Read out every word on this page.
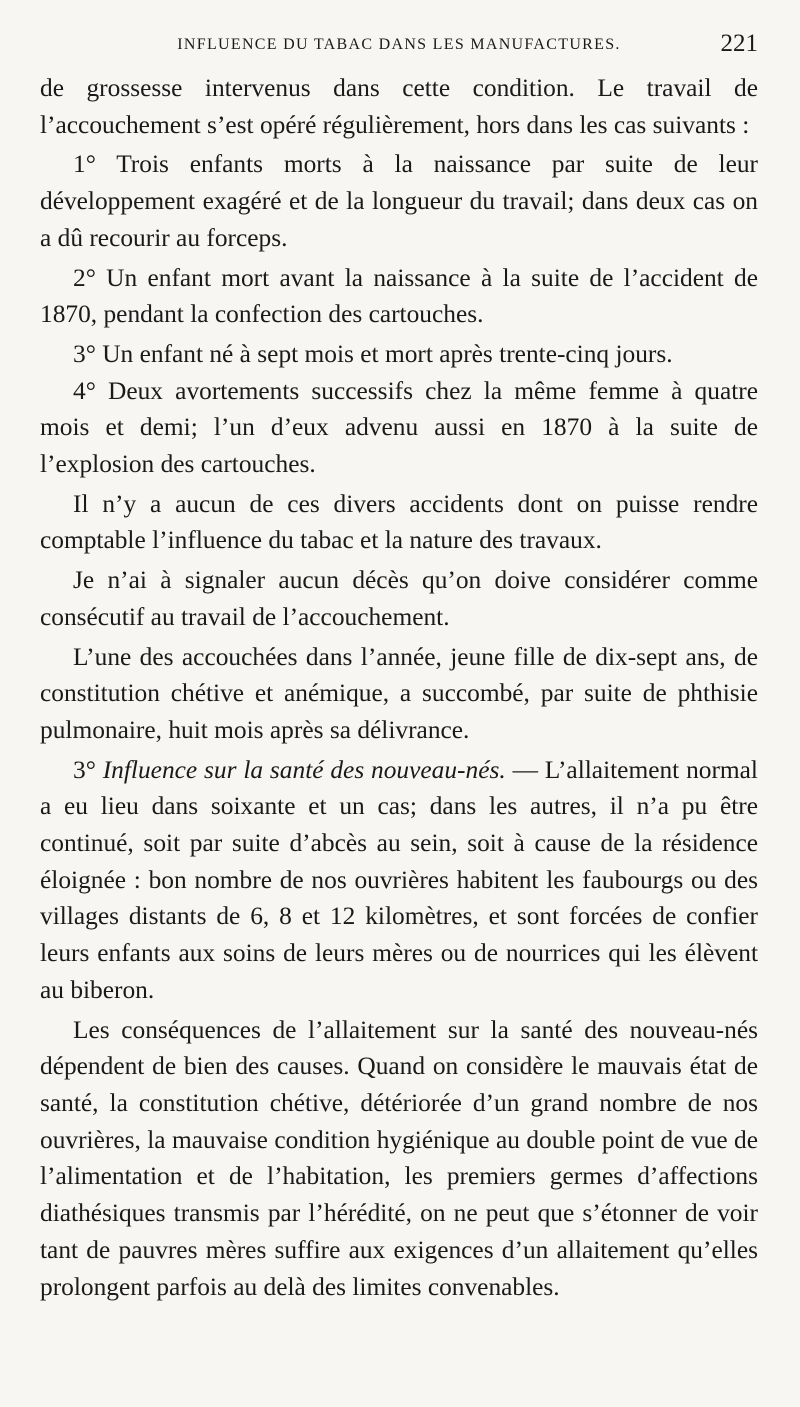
INFLUENCE DU TABAC DANS LES MANUFACTURES.	221

de grossesse intervenus dans cette condition. Le travail de l’accouchement s’est opéré régulièrement, hors dans les cas suivants :

1° Trois enfants morts à la naissance par suite de leur développement exagéré et de la longueur du travail; dans deux cas on a dû recourir au forceps.

2° Un enfant mort avant la naissance à la suite de l’accident de 1870, pendant la confection des cartouches.

3° Un enfant né à sept mois et mort après trente-cinq jours.

4° Deux avortements successifs chez la même femme à quatre mois et demi; l’un d’eux advenu aussi en 1870 à la suite de l’explosion des cartouches.

Il n’y a aucun de ces divers accidents dont on puisse rendre comptable l’influence du tabac et la nature des travaux.

Je n’ai à signaler aucun décès qu’on doive considérer comme consécutif au travail de l’accouchement.

L’une des accouchées dans l’année, jeune fille de dix-sept ans, de constitution chétive et anémique, a succombé, par suite de phthisie pulmonaire, huit mois après sa délivrance.

3° Influence sur la santé des nouveau-nés. — L’allaitement normal a eu lieu dans soixante et un cas; dans les autres, il n’a pu être continué, soit par suite d’abcès au sein, soit à cause de la résidence éloignée : bon nombre de nos ouvrières habitent les faubourgs ou des villages distants de 6, 8 et 12 kilomètres, et sont forcées de confier leurs enfants aux soins de leurs mères ou de nourrices qui les élèvent au biberon.

Les conséquences de l’allaitement sur la santé des nouveau-nés dépendent de bien des causes. Quand on considère le mauvais état de santé, la constitution chétive, détériorée d’un grand nombre de nos ouvrières, la mauvaise condition hygiénique au double point de vue de l’alimentation et de l’habitation, les premiers germes d’affections diathésiques transmis par l’hérédité, on ne peut que s’étonner de voir tant de pauvres mères suffire aux exigences d’un allaitement qu’elles prolongent parfois au delà des limites convenables.
